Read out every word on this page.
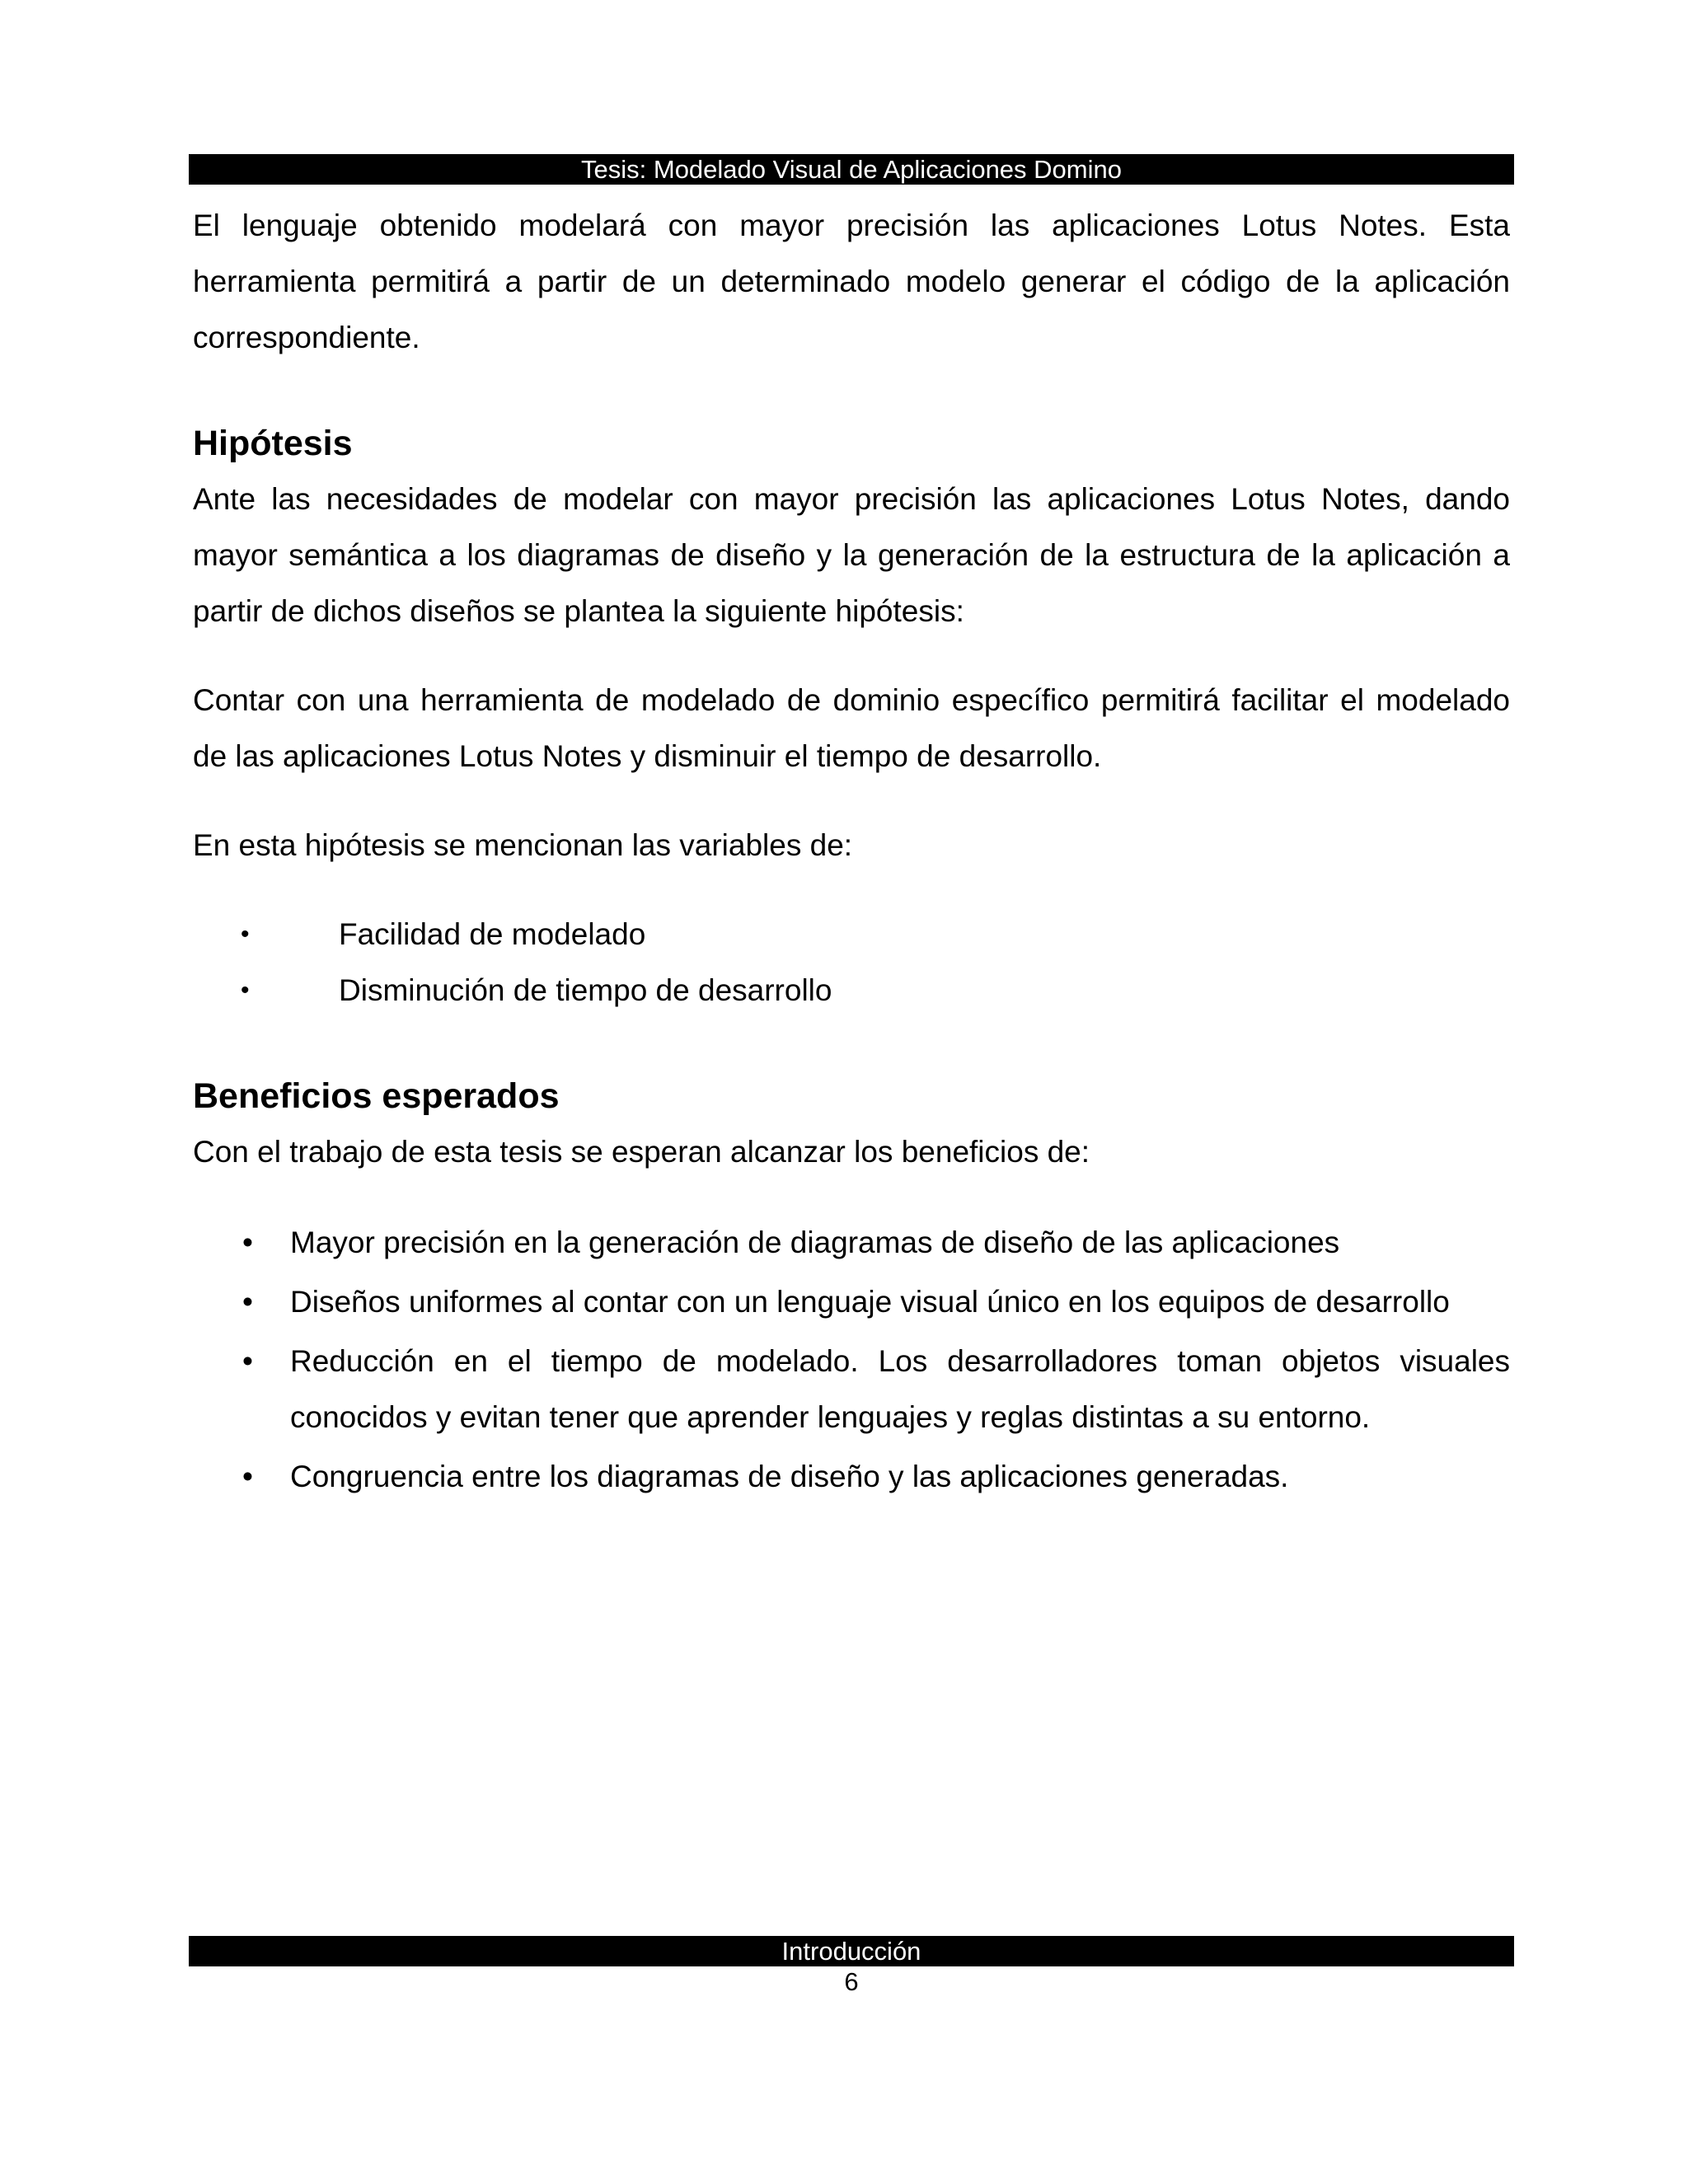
Tesis: Modelado Visual de Aplicaciones Domino

El lenguaje obtenido modelará con mayor precisión las aplicaciones Lotus Notes. Esta herramienta permitirá a partir de un determinado modelo generar el código de la aplicación correspondiente.

Hipótesis

Ante las necesidades de modelar con mayor precisión las aplicaciones Lotus Notes, dando mayor semántica a los diagramas de diseño y la generación de la estructura de la aplicación a partir de dichos diseños se plantea la siguiente hipótesis:

Contar con una herramienta de modelado de dominio específico permitirá facilitar el modelado de las aplicaciones Lotus Notes y disminuir el tiempo de desarrollo.

En esta hipótesis se mencionan las variables de:

•	Facilidad de modelado
•	Disminución de tiempo de desarrollo
Beneficios esperados

Con el trabajo de esta tesis se esperan alcanzar los beneficios de:

• Mayor precisión en la generación de diagramas de diseño de las aplicaciones
• Diseños uniformes al contar con un lenguaje visual único en los equipos de desarrollo
• Reducción en el tiempo de modelado. Los desarrolladores toman objetos visuales conocidos y evitan tener que aprender lenguajes y reglas distintas a su entorno.
• Congruencia entre los diagramas de diseño y las aplicaciones generadas.
Introducción
6
